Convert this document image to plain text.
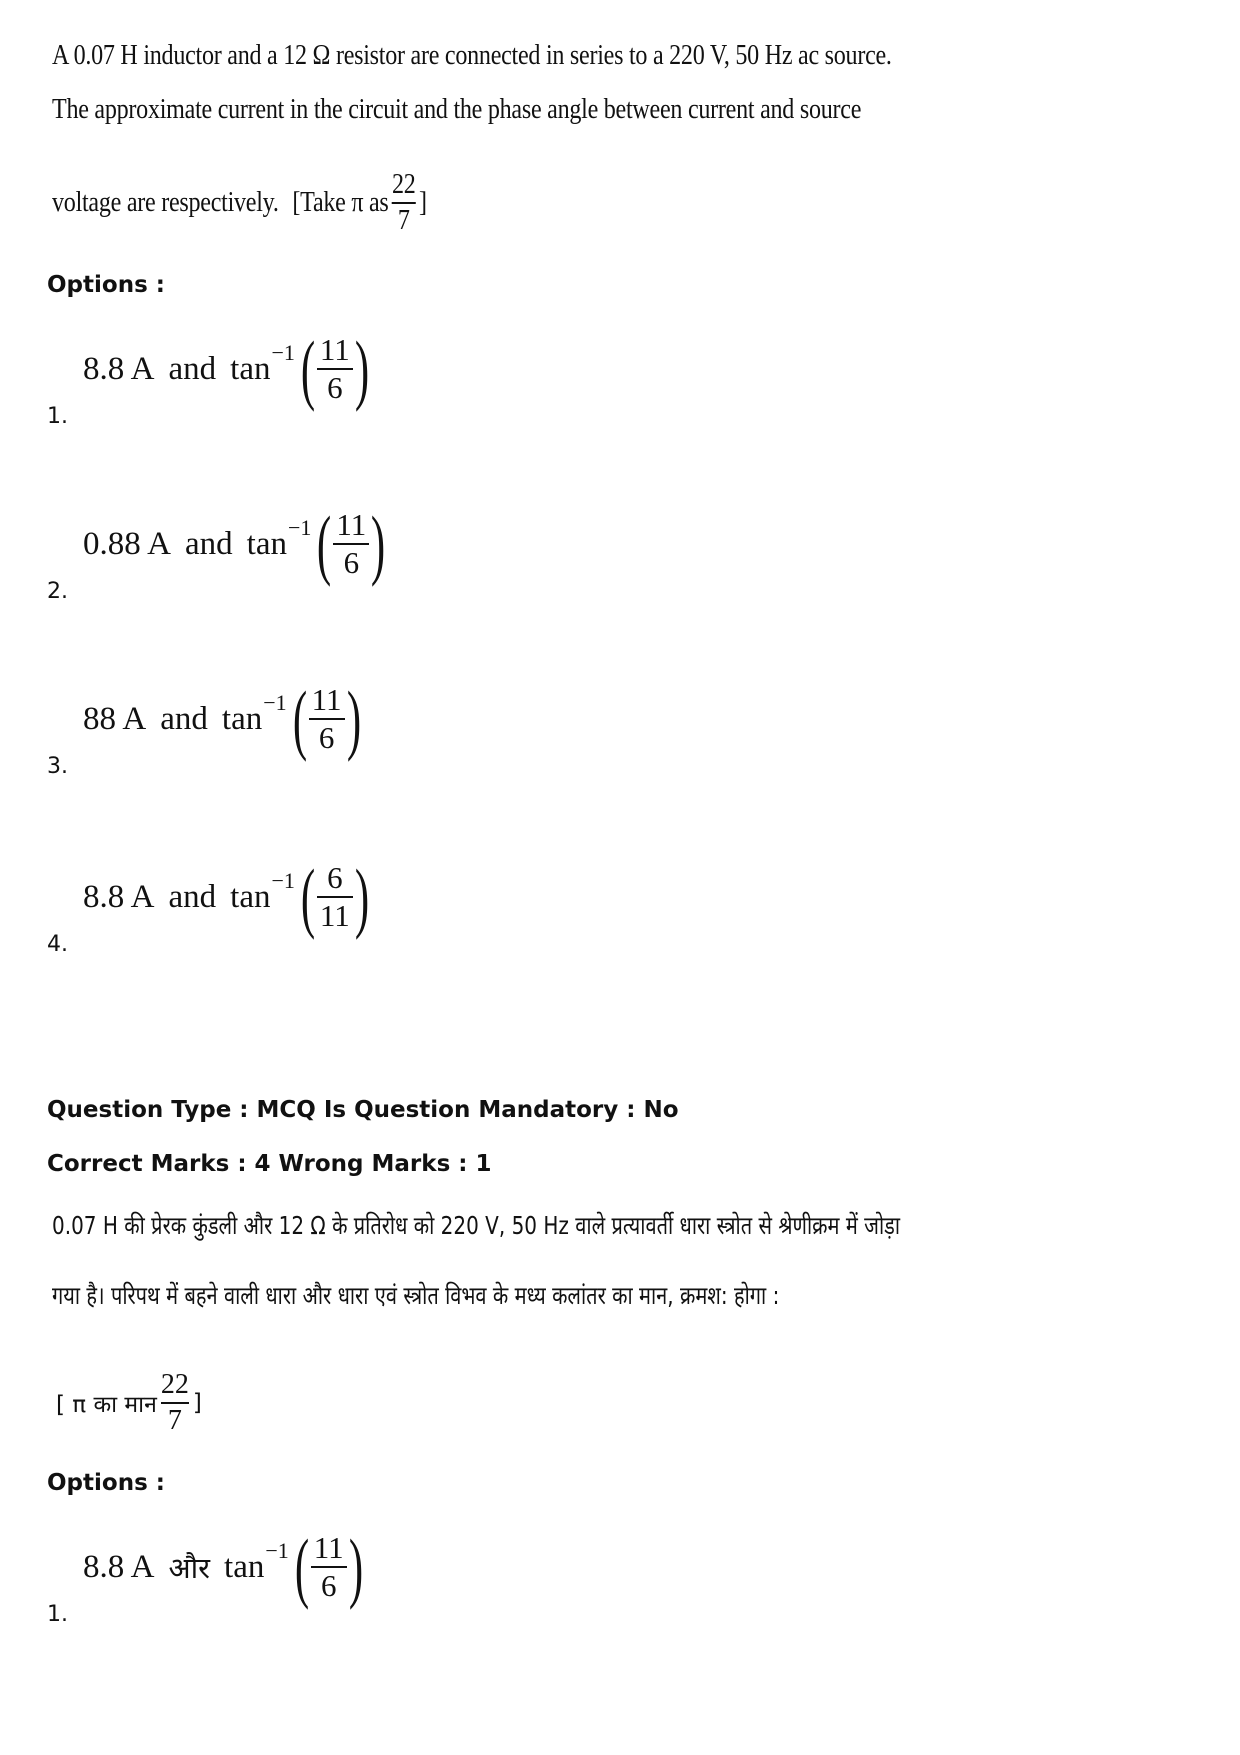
A 0.07 H inductor and a 12 Ω resistor are connected in series to a 220 V, 50 Hz ac source.
The approximate current in the circuit and the phase angle between current and source
voltage are respectively. [Take π as $\frac{22}{7}$ ]
Options :
8.8 A and tan −1 ( $\frac{11}{6}$ )
1.
0.88 A and tan −1 ( $\frac{11}{6}$ )
2.
88 A and tan −1 ( $\frac{11}{6}$ )
3.
8.8 A and tan −1 ( $\frac{6}{11}$ )
4.
Question Type : MCQ Is Question Mandatory : No
Correct Marks : 4 Wrong Marks : 1
0.07 H की प्रेरक कुंडली और 12 Ω के प्रतिरोध को 220 V, 50 Hz वाले प्रत्यावर्ती धारा स्त्रोत से श्रेणीक्रम में जोड़ा
गया है। परिपथ में बहने वाली धारा और धारा एवं स्त्रोत विभव के मध्य कलांतर का मान, क्रमश: होगा :
[ π का मान $\frac{22}{7}$ ]
Options :
8.8 A और tan −1 ( $\frac{11}{6}$ )
1.
